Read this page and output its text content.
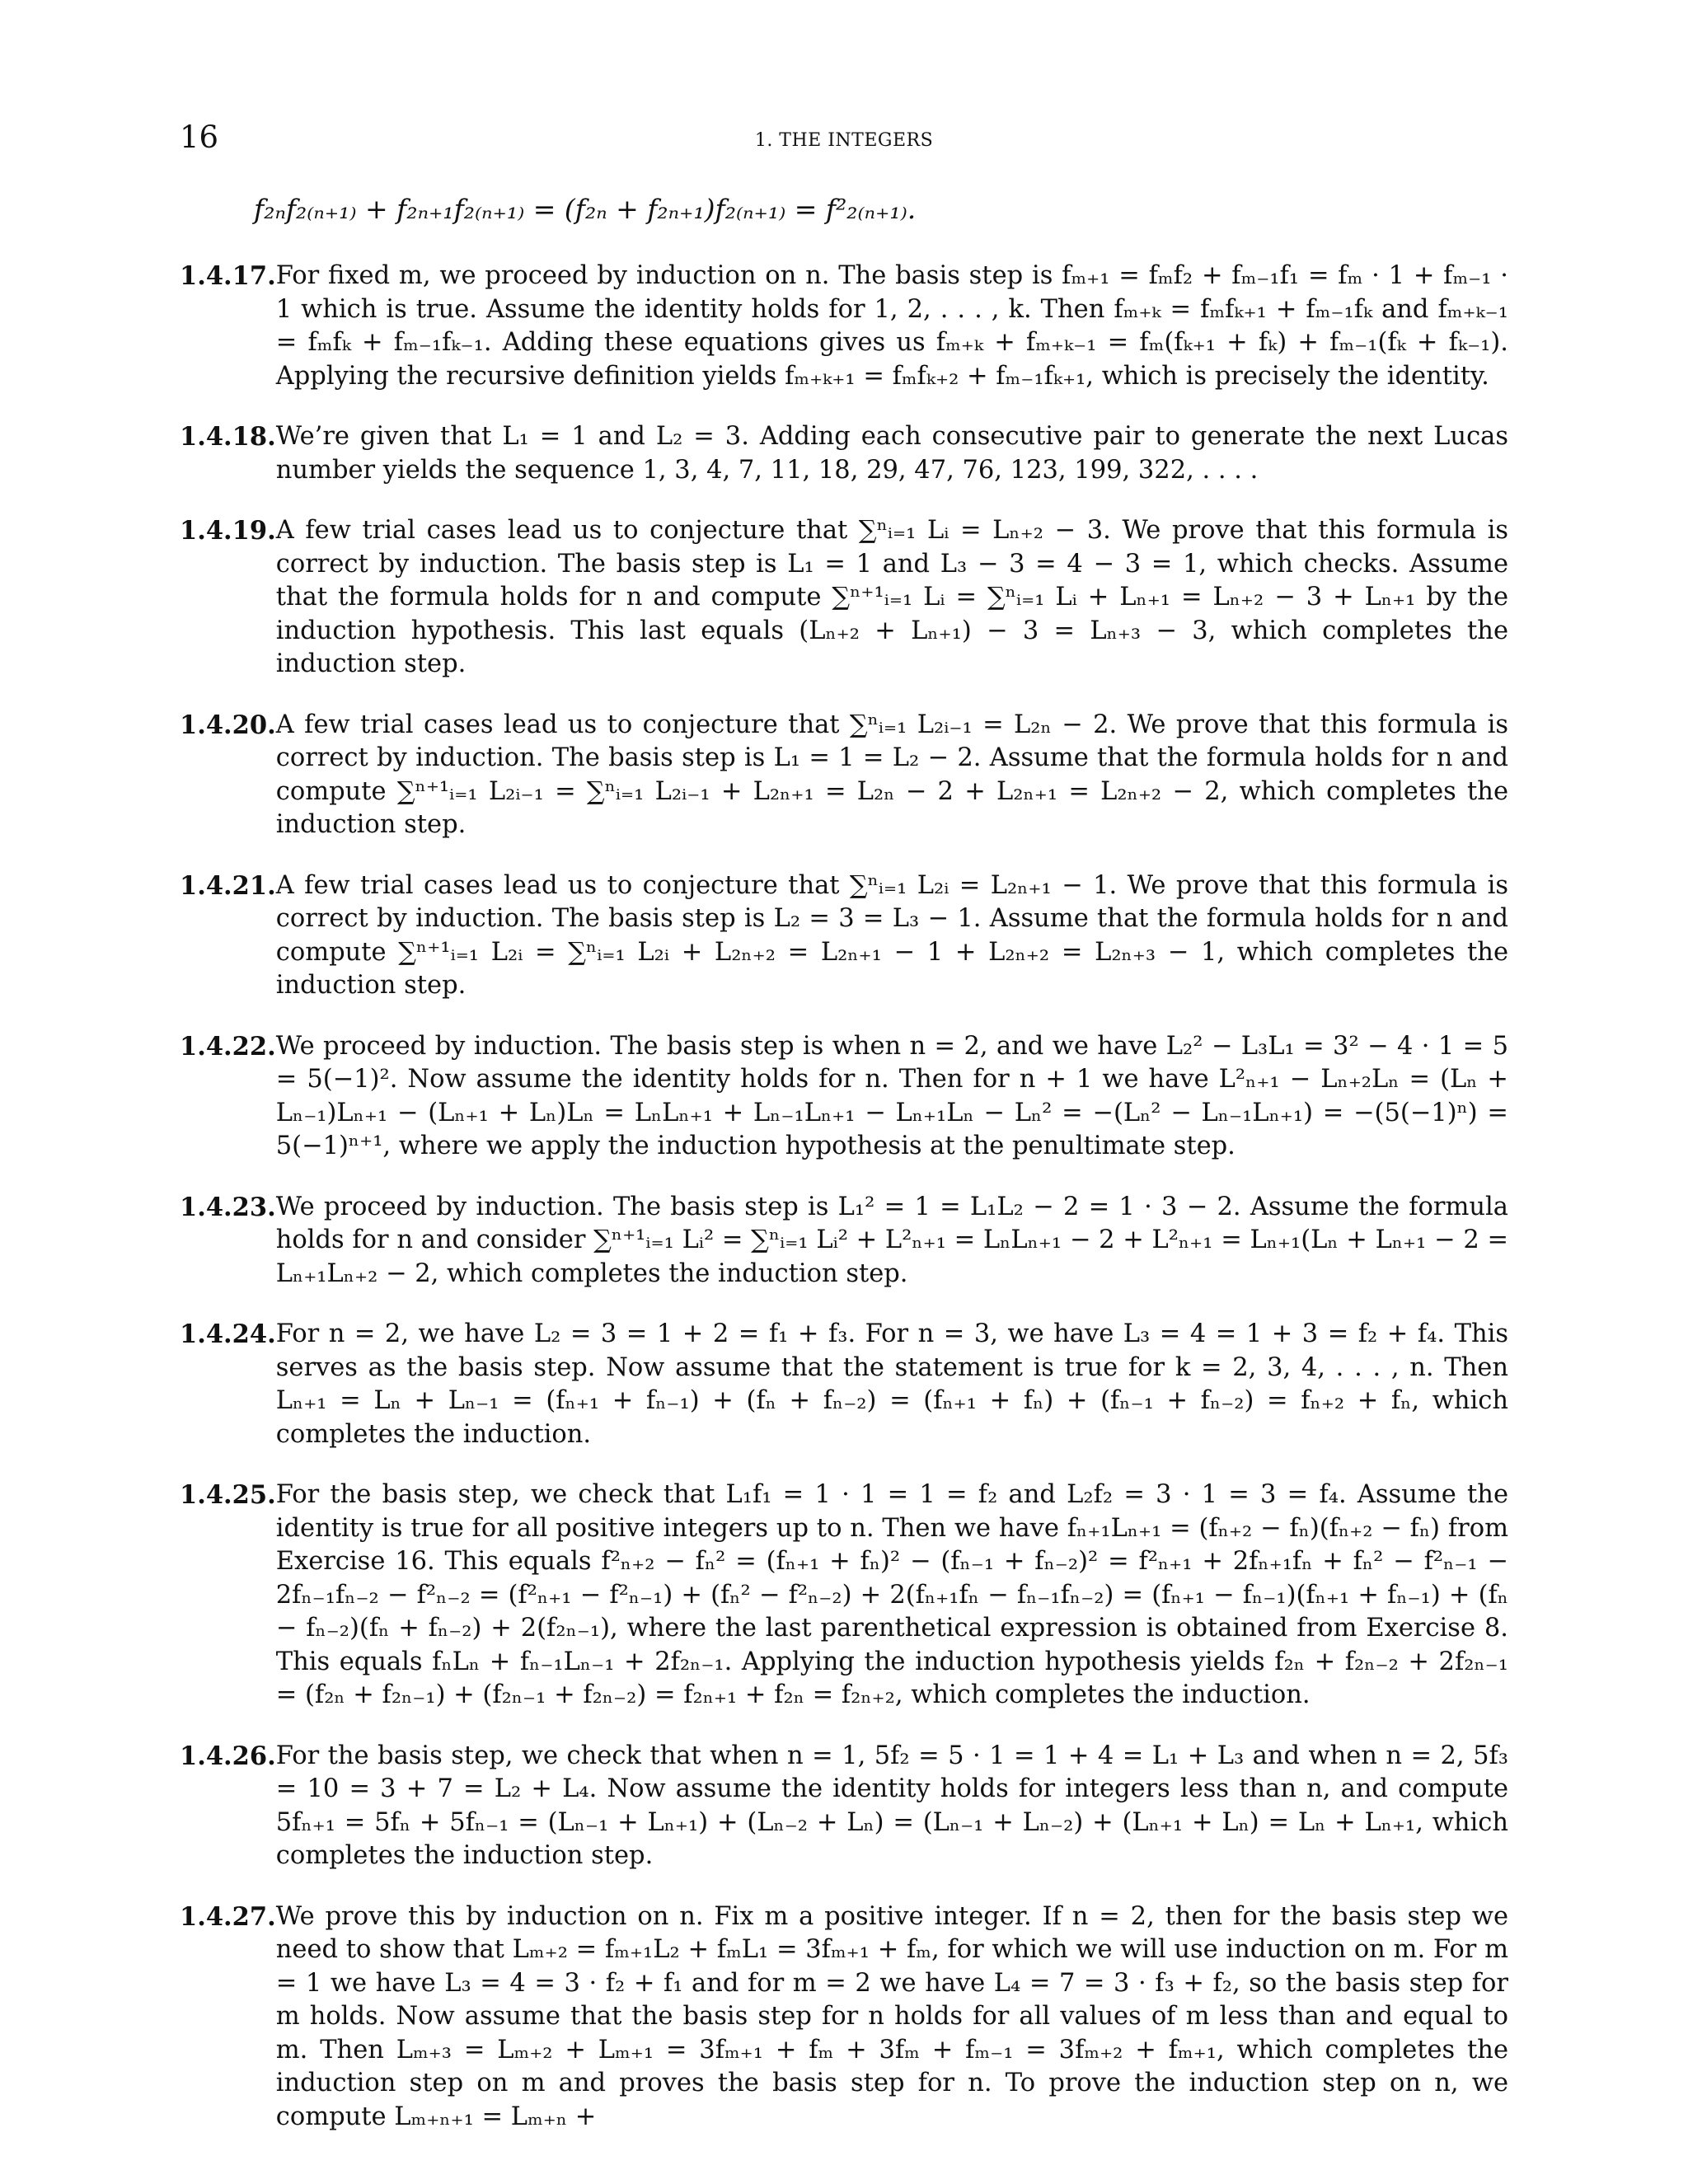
16	1. THE INTEGERS
f₂ₙf₂₍ₙ₊₁₎ + f₂ₙ₊₁f₂₍ₙ₊₁₎ = (f₂ₙ + f₂ₙ₊₁)f₂₍ₙ₊₁₎ = f²₂₍ₙ₊₁₎.
1.4.17. For fixed m, we proceed by induction on n. The basis step is fₘ₊₁ = fₘf₂ + fₘ₋₁f₁ = fₘ · 1 + fₘ₋₁ · 1 which is true. Assume the identity holds for 1, 2, . . . , k. Then fₘ₊ₖ = fₘfₖ₊₁ + fₘ₋₁fₖ and fₘ₊ₖ₋₁ = fₘfₖ + fₘ₋₁fₖ₋₁. Adding these equations gives us fₘ₊ₖ + fₘ₊ₖ₋₁ = fₘ(fₖ₊₁ + fₖ) + fₘ₋₁(fₖ + fₖ₋₁). Applying the recursive definition yields fₘ₊ₖ₊₁ = fₘfₖ₊₂ + fₘ₋₁fₖ₊₁, which is precisely the identity.
1.4.18. We’re given that L₁ = 1 and L₂ = 3. Adding each consecutive pair to generate the next Lucas number yields the sequence 1, 3, 4, 7, 11, 18, 29, 47, 76, 123, 199, 322, . . . .
1.4.19. A few trial cases lead us to conjecture that ∑ⁿᵢ₌₁ Lᵢ = Lₙ₊₂ − 3. We prove that this formula is correct by induction. The basis step is L₁ = 1 and L₃ − 3 = 4 − 3 = 1, which checks. Assume that the formula holds for n and compute ∑ⁿ⁺¹ᵢ₌₁ Lᵢ = ∑ⁿᵢ₌₁ Lᵢ + Lₙ₊₁ = Lₙ₊₂ − 3 + Lₙ₊₁ by the induction hypothesis. This last equals (Lₙ₊₂ + Lₙ₊₁) − 3 = Lₙ₊₃ − 3, which completes the induction step.
1.4.20. A few trial cases lead us to conjecture that ∑ⁿᵢ₌₁ L₂ᵢ₋₁ = L₂ₙ − 2. We prove that this formula is correct by induction. The basis step is L₁ = 1 = L₂ − 2. Assume that the formula holds for n and compute ∑ⁿ⁺¹ᵢ₌₁ L₂ᵢ₋₁ = ∑ⁿᵢ₌₁ L₂ᵢ₋₁ + L₂ₙ₊₁ = L₂ₙ − 2 + L₂ₙ₊₁ = L₂ₙ₊₂ − 2, which completes the induction step.
1.4.21. A few trial cases lead us to conjecture that ∑ⁿᵢ₌₁ L₂ᵢ = L₂ₙ₊₁ − 1. We prove that this formula is correct by induction. The basis step is L₂ = 3 = L₃ − 1. Assume that the formula holds for n and compute ∑ⁿ⁺¹ᵢ₌₁ L₂ᵢ = ∑ⁿᵢ₌₁ L₂ᵢ + L₂ₙ₊₂ = L₂ₙ₊₁ − 1 + L₂ₙ₊₂ = L₂ₙ₊₃ − 1, which completes the induction step.
1.4.22. We proceed by induction. The basis step is when n = 2, and we have L₂² − L₃L₁ = 3² − 4 · 1 = 5 = 5(−1)². Now assume the identity holds for n. Then for n + 1 we have L²ₙ₊₁ − Lₙ₊₂Lₙ = (Lₙ + Lₙ₋₁)Lₙ₊₁ − (Lₙ₊₁ + Lₙ)Lₙ = LₙLₙ₊₁ + Lₙ₋₁Lₙ₊₁ − Lₙ₊₁Lₙ − Lₙ² = −(Lₙ² − Lₙ₋₁Lₙ₊₁) = −(5(−1)ⁿ) = 5(−1)ⁿ⁺¹, where we apply the induction hypothesis at the penultimate step.
1.4.23. We proceed by induction. The basis step is L₁² = 1 = L₁L₂ − 2 = 1 · 3 − 2. Assume the formula holds for n and consider ∑ⁿ⁺¹ᵢ₌₁ Lᵢ² = ∑ⁿᵢ₌₁ Lᵢ² + L²ₙ₊₁ = LₙLₙ₊₁ − 2 + L²ₙ₊₁ = Lₙ₊₁(Lₙ + Lₙ₊₁ − 2 = Lₙ₊₁Lₙ₊₂ − 2, which completes the induction step.
1.4.24. For n = 2, we have L₂ = 3 = 1 + 2 = f₁ + f₃. For n = 3, we have L₃ = 4 = 1 + 3 = f₂ + f₄. This serves as the basis step. Now assume that the statement is true for k = 2, 3, 4, . . . , n. Then Lₙ₊₁ = Lₙ + Lₙ₋₁ = (fₙ₊₁ + fₙ₋₁) + (fₙ + fₙ₋₂) = (fₙ₊₁ + fₙ) + (fₙ₋₁ + fₙ₋₂) = fₙ₊₂ + fₙ, which completes the induction.
1.4.25. For the basis step, we check that L₁f₁ = 1 · 1 = 1 = f₂ and L₂f₂ = 3 · 1 = 3 = f₄. Assume the identity is true for all positive integers up to n. Then we have fₙ₊₁Lₙ₊₁ = (fₙ₊₂ − fₙ)(fₙ₊₂ − fₙ) from Exercise 16. This equals f²ₙ₊₂ − fₙ² = (fₙ₊₁ + fₙ)² − (fₙ₋₁ + fₙ₋₂)² = f²ₙ₊₁ + 2fₙ₊₁fₙ + fₙ² − f²ₙ₋₁ − 2fₙ₋₁fₙ₋₂ − f²ₙ₋₂ = (f²ₙ₊₁ − f²ₙ₋₁) + (fₙ² − f²ₙ₋₂) + 2(fₙ₊₁fₙ − fₙ₋₁fₙ₋₂) = (fₙ₊₁ − fₙ₋₁)(fₙ₊₁ + fₙ₋₁) + (fₙ − fₙ₋₂)(fₙ + fₙ₋₂) + 2(f₂ₙ₋₁), where the last parenthetical expression is obtained from Exercise 8. This equals fₙLₙ + fₙ₋₁Lₙ₋₁ + 2f₂ₙ₋₁. Applying the induction hypothesis yields f₂ₙ + f₂ₙ₋₂ + 2f₂ₙ₋₁ = (f₂ₙ + f₂ₙ₋₁) + (f₂ₙ₋₁ + f₂ₙ₋₂) = f₂ₙ₊₁ + f₂ₙ = f₂ₙ₊₂, which completes the induction.
1.4.26. For the basis step, we check that when n = 1, 5f₂ = 5 · 1 = 1 + 4 = L₁ + L₃ and when n = 2, 5f₃ = 10 = 3 + 7 = L₂ + L₄. Now assume the identity holds for integers less than n, and compute 5fₙ₊₁ = 5fₙ + 5fₙ₋₁ = (Lₙ₋₁ + Lₙ₊₁) + (Lₙ₋₂ + Lₙ) = (Lₙ₋₁ + Lₙ₋₂) + (Lₙ₊₁ + Lₙ) = Lₙ + Lₙ₊₁, which completes the induction step.
1.4.27. We prove this by induction on n. Fix m a positive integer. If n = 2, then for the basis step we need to show that Lₘ₊₂ = fₘ₊₁L₂ + fₘL₁ = 3fₘ₊₁ + fₘ, for which we will use induction on m. For m = 1 we have L₃ = 4 = 3 · f₂ + f₁ and for m = 2 we have L₄ = 7 = 3 · f₃ + f₂, so the basis step for m holds. Now assume that the basis step for n holds for all values of m less than and equal to m. Then Lₘ₊₃ = Lₘ₊₂ + Lₘ₊₁ = 3fₘ₊₁ + fₘ + 3fₘ + fₘ₋₁ = 3fₘ₊₂ + fₘ₊₁, which completes the induction step on m and proves the basis step for n. To prove the induction step on n, we compute Lₘ₊ₙ₊₁ = Lₘ₊ₙ +
